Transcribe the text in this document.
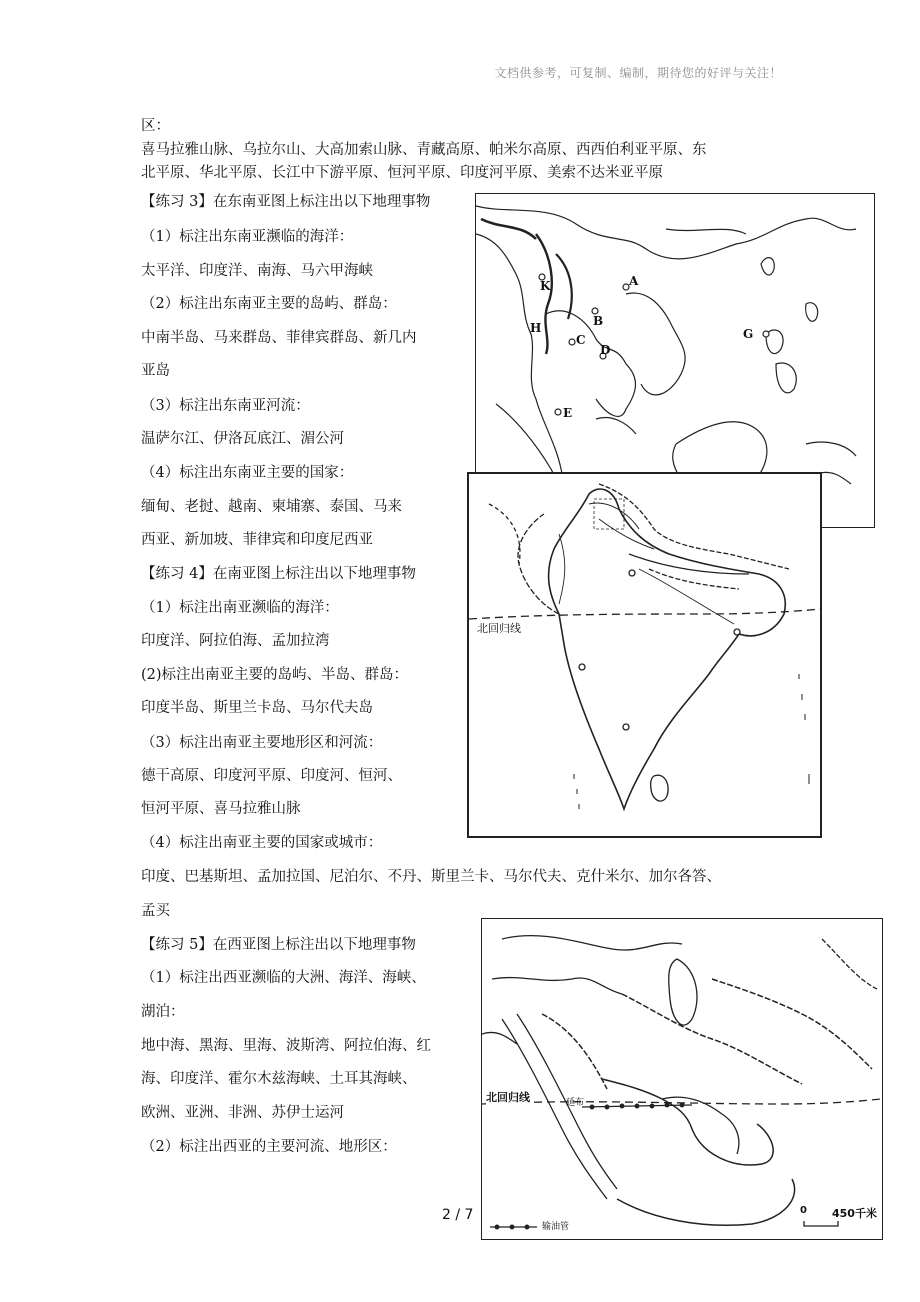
文档供参考，可复制、编制，期待您的好评与关注！

区：

喜马拉雅山脉、乌拉尔山、大高加索山脉、青藏高原、帕米尔高原、西西伯利亚平原、东

北平原、华北平原、长江中下游平原、恒河平原、印度河平原、美索不达米亚平原

【练习 3】在东南亚图上标注出以下地理事物

（1）标注出东南亚濒临的海洋：

太平洋、印度洋、南海、马六甲海峡

（2）标注出东南亚主要的岛屿、群岛：

中南半岛、马来群岛、菲律宾群岛、新几内

亚岛

（3）标注出东南亚河流：

温萨尔江、伊洛瓦底江、湄公河

（4）标注出东南亚主要的国家：

缅甸、老挝、越南、柬埔寨、泰国、马来

西亚、新加坡、菲律宾和印度尼西亚

【练习 4】在南亚图上标注出以下地理事物

（1）标注出南亚濒临的海洋：

印度洋、阿拉伯海、孟加拉湾

(2)标注出南亚主要的岛屿、半岛、群岛：

印度半岛、斯里兰卡岛、马尔代夫岛

（3）标注出南亚主要地形区和河流：

德干高原、印度河平原、印度河、恒河、

恒河平原、喜马拉雅山脉

（4）标注出南亚主要的国家或城市：

印度、巴基斯坦、孟加拉国、尼泊尔、不丹、斯里兰卡、马尔代夫、克什米尔、加尔各答、

孟买

【练习 5】在西亚图上标注出以下地理事物

（1）标注出西亚濒临的大洲、海洋、海峡、

湖泊：

地中海、黑海、里海、波斯湾、阿拉伯海、红

海、印度洋、霍尔木兹海峡、土耳其海峡、

欧洲、亚洲、非洲、苏伊士运河

（2）标注出西亚的主要河流、地形区：

A
B
C
D
E
G
H
K
北回归线
北回归线	延布
输油管
0 450千米
2 / 7
